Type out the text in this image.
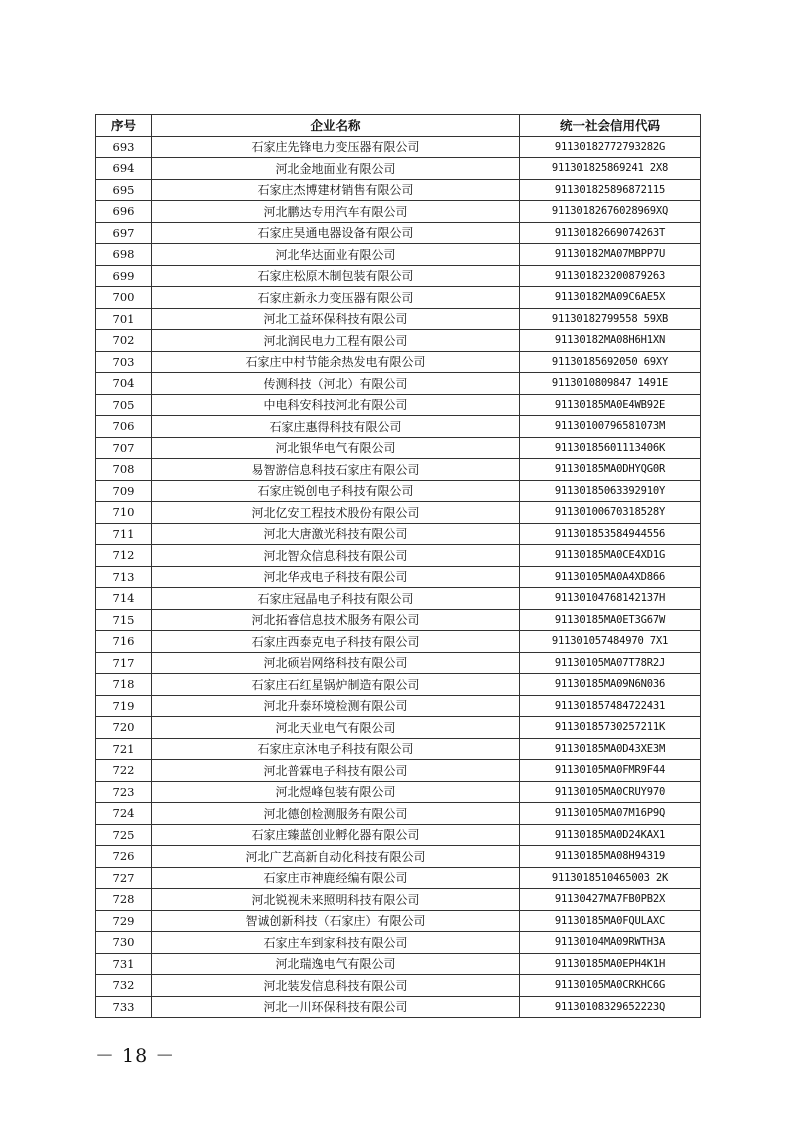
序号	企业名称	统一社会信用代码
693	石家庄先锋电力变压器有限公司	91130182772793282G
694	河北金地面业有限公司	911301825869241 2X8
695	石家庄杰博建材销售有限公司	911301825896872115
696	河北鹏达专用汽车有限公司	91130182676028969XQ
697	石家庄昊通电器设备有限公司	91130182669074263T
698	河北华达面业有限公司	91130182MA07MBPP7U
699	石家庄松原木制包装有限公司	911301823200879263
700	石家庄新永力变压器有限公司	91130182MA09C6AE5X
701	河北工益环保科技有限公司	91130182799558 59XB
702	河北润民电力工程有限公司	91130182MA08H6H1XN
703	石家庄中村节能余热发电有限公司	91130185692050 69XY
704	传测科技（河北）有限公司	9113010809847 1491E
705	中电科安科技河北有限公司	91130185MA0E4WB92E
706	石家庄惠得科技有限公司	91130100796581073M
707	河北银华电气有限公司	91130185601113406K
708	易智游信息科技石家庄有限公司	91130185MA0DHYQG0R
709	石家庄锐创电子科技有限公司	91130185063392910Y
710	河北亿安工程技术股份有限公司	91130100670318528Y
711	河北大唐激光科技有限公司	911301853584944556
712	河北智众信息科技有限公司	91130185MA0CE4XD1G
713	河北华戎电子科技有限公司	91130105MA0A4XD866
714	石家庄冠晶电子科技有限公司	91130104768142137H
715	河北拓睿信息技术服务有限公司	91130185MA0ET3G67W
716	石家庄西泰克电子科技有限公司	911301057484970 7X1
717	河北硕岩网络科技有限公司	91130105MA07T78R2J
718	石家庄石红星锅炉制造有限公司	91130185MA09N6N036
719	河北升泰环境检测有限公司	911301857484722431
720	河北天业电气有限公司	91130185730257211K
721	石家庄京沐电子科技有限公司	91130185MA0D43XE3M
722	河北普霖电子科技有限公司	91130105MA0FMR9F44
723	河北煜峰包装有限公司	91130105MA0CRUY970
724	河北德创检测服务有限公司	91130105MA07M16P9Q
725	石家庄臻蓝创业孵化器有限公司	91130185MA0D24KAX1
726	河北广艺高新自动化科技有限公司	91130185MA08H94319
727	石家庄市神鹿经编有限公司	9113018510465003 2K
728	河北锐视未来照明科技有限公司	91130427MA7FB0PB2X
729	智诚创新科技（石家庄）有限公司	91130185MA0FQULAXC
730	石家庄车到家科技有限公司	91130104MA09RWTH3A
731	河北瑞逸电气有限公司	91130185MA0EPH4K1H
732	河北装发信息科技有限公司	91130105MA0CRKHC6G
733	河北一川环保科技有限公司	91130108329652223Q
－ 18 －
